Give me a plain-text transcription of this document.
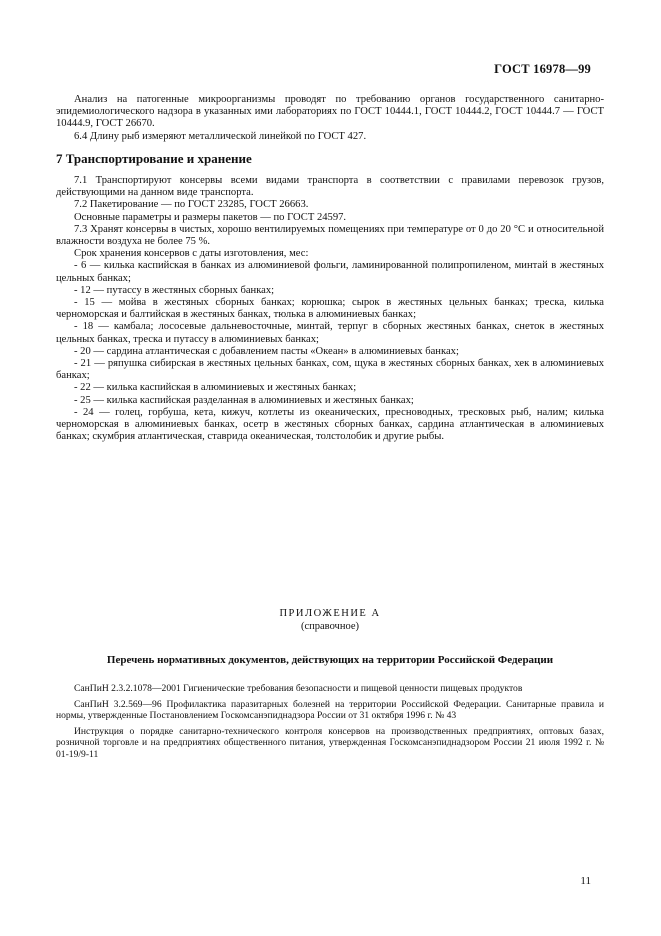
ГОСТ 16978—99

Анализ на патогенные микроорганизмы проводят по требованию органов государственного санитарно-эпидемиологического надзора в указанных ими лабораториях по ГОСТ 10444.1, ГОСТ 10444.2, ГОСТ 10444.7 — ГОСТ 10444.9, ГОСТ 26670.

6.4 Длину рыб измеряют металлической линейкой по ГОСТ 427.

7 Транспортирование и хранение

7.1 Транспортируют консервы всеми видами транспорта в соответствии с правилами перевозок грузов, действующими на данном виде транспорта.

7.2 Пакетирование — по ГОСТ 23285, ГОСТ 26663.

Основные параметры и размеры пакетов — по ГОСТ 24597.

7.3 Хранят консервы в чистых, хорошо вентилируемых помещениях при температуре от 0 до 20 °С и относительной влажности воздуха не более 75 %.

Срок хранения консервов с даты изготовления, мес:

- 6 — килька каспийская в банках из алюминиевой фольги, ламинированной полипропиленом, минтай в жестяных цельных банках;

- 12 — путассу в жестяных сборных банках;

- 15 — мойва в жестяных сборных банках; корюшка; сырок в жестяных цельных банках; треска, килька черноморская и балтийская в жестяных банках, тюлька в алюминиевых банках;

- 18 — камбала; лососевые дальневосточные, минтай, терпуг в сборных жестяных банках, снеток в жестяных цельных банках, треска и путассу в алюминиевых банках;

- 20 — сардина атлантическая с добавлением пасты «Океан» в алюминиевых банках;

- 21 — ряпушка сибирская в жестяных цельных банках, сом, щука в жестяных сборных банках, хек в алюминиевых банках;

- 22 — килька каспийская в алюминиевых и жестяных банках;

- 25 — килька каспийская разделанная в алюминиевых и жестяных банках;

- 24 — голец, горбуша, кета, кижуч, котлеты из океанических, пресноводных, тресковых рыб, налим; килька черноморская в алюминиевых банках, осетр в жестяных сборных банках, сардина атлантическая в алюминиевых банках; скумбрия атлантическая, ставрида океаническая, толстолобик и другие рыбы.

ПРИЛОЖЕНИЕ А
(справочное)
Перечень нормативных документов, действующих на территории Российской Федерации

СанПиН 2.3.2.1078—2001 Гигиенические требования безопасности и пищевой ценности пищевых продуктов

СанПиН 3.2.569—96 Профилактика паразитарных болезней на территории Российской Федерации. Санитарные правила и нормы, утвержденные Постановлением Госкомсанэпиднадзора России от 31 октября 1996 г. № 43

Инструкция о порядке санитарно-технического контроля консервов на производственных предприятиях, оптовых базах, розничной торговле и на предприятиях общественного питания, утвержденная Госкомсанэпиднадзором России 21 июля 1992 г. № 01-19/9-11

11
